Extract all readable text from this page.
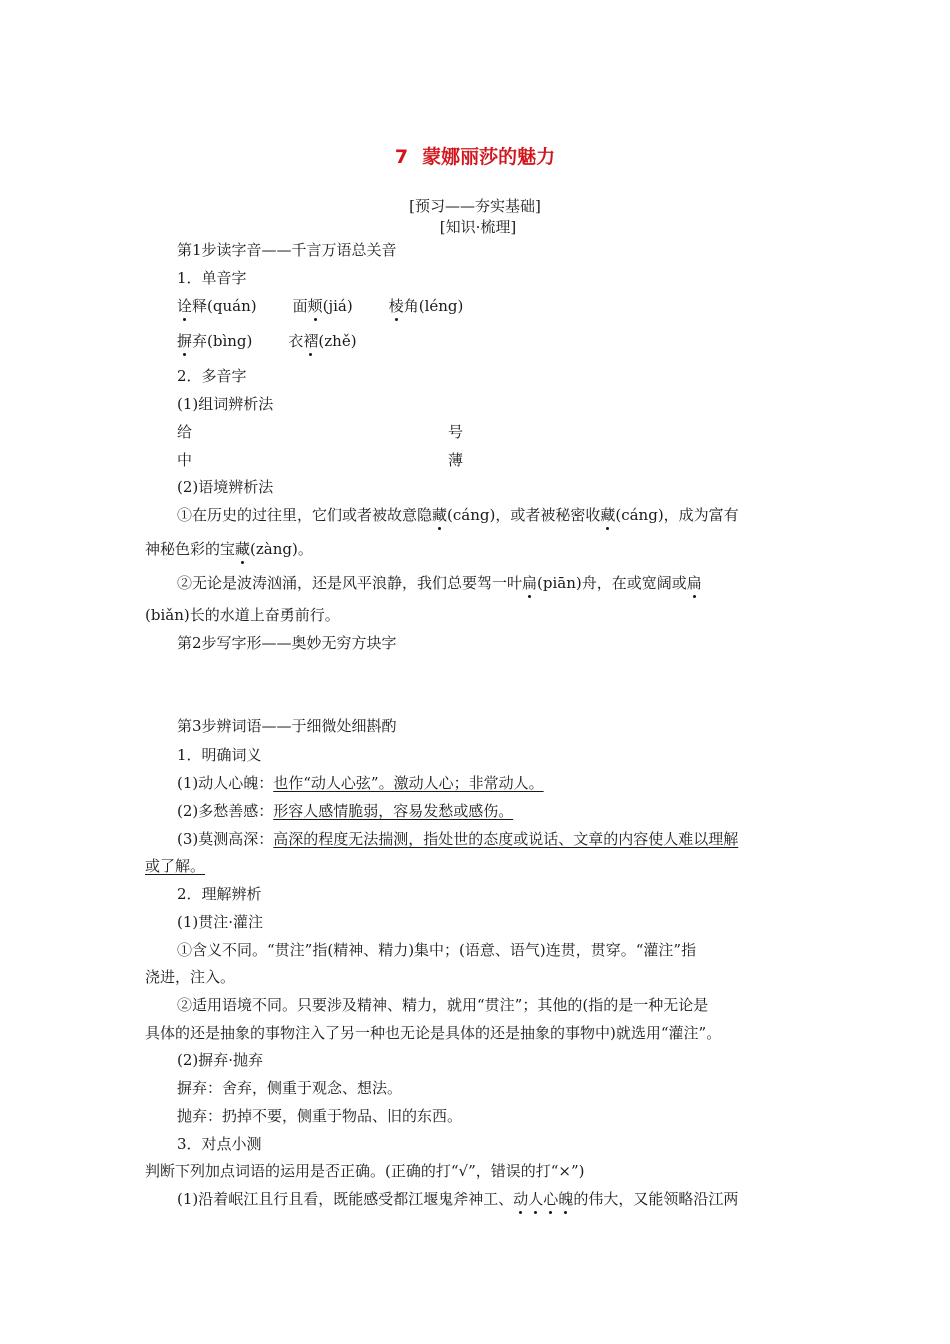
7 蒙娜丽莎的魅力
[预习——夯实基础]
[知识·梳理]
第1步读字音——千言万语总关音
1．单音字
诠释(quán) 面颊(jiá) 棱角(léng)
摒弃(bìng) 衣褶(zhě)
2．多音字
(1)组词辨析法
给	号
中	薄
(2)语境辨析法
①在历史的过往里，它们或者被故意隐藏(cáng)，或者被秘密收藏(cáng)，成为富有
神秘色彩的宝藏(zàng)。
②无论是波涛汹涌，还是风平浪静，我们总要驾一叶扁(piān)舟，在或宽阔或扁
(biǎn)长的水道上奋勇前行。
第2步写字形——奥妙无穷方块字
第3步辨词语——于细微处细斟酌
1．明确词义
(1)动人心魄：也作“动人心弦”。激动人心；非常动人。
(2)多愁善感：形容人感情脆弱，容易发愁或感伤。
(3)莫测高深：高深的程度无法揣测，指处世的态度或说话、文章的内容使人难以理解
或了解。
2．理解辨析
(1)贯注·灌注
①含义不同。“贯注”指(精神、精力)集中；(语意、语气)连贯，贯穿。“灌注”指
浇进，注入。
②适用语境不同。只要涉及精神、精力，就用“贯注”；其他的(指的是一种无论是
具体的还是抽象的事物注入了另一种也无论是具体的还是抽象的事物中)就选用“灌注”。
(2)摒弃·抛弃
摒弃：舍弃，侧重于观念、想法。
抛弃：扔掉不要，侧重于物品、旧的东西。
3．对点小测
判断下列加点词语的运用是否正确。(正确的打“√”，错误的打“×”)
(1)沿着岷江且行且看，既能感受都江堰鬼斧神工、动人心魄的伟大，又能领略沿江两
